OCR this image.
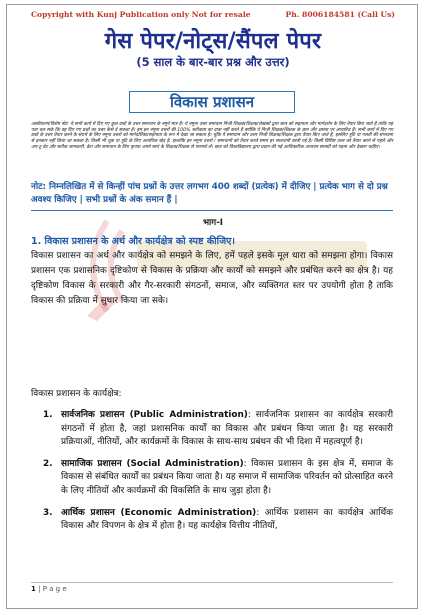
Copyright with Kunj Publication only Not for resale	Ph. 8006184581 (Call Us)
गेस पेपर/नोट्स/सैंपल पेपर
(5 साल के बार-बार प्रश्न और उत्तर)
विकास प्रशासन
अस्वीकरण/विशेष नोट: ये सभी कार्य में दिए गए कुल प्रश्नों के उत्तर समाधान के नमूने मात्र हैं। ये नमूना उत्तर समाधान निजी शिक्षक/शिक्षक/लेखकों द्वारा छात्र को सहायता और मार्गदर्शन के लिए तैयार किए जाते हैं ताकि यह पता चल सके कि वह दिए गए प्रश्नों का उत्तर कैसे दे सकता है। हम इन नमूना उत्तरों की 100% सटीकता का दावा नहीं करते हैं क्योंकि ये निजी शिक्षक/शिक्षक के ज्ञान और क्षमता पर आधारित हैं। सभी कार्य में दिए गए प्रश्नों के उत्तर तैयार करने के संदर्भ के लिए नमूना उत्तरों को मार्गदर्शिका/सहायता के रूप में देखा जा सकता है। चूंकि ये समाधान और उत्तर निजी शिक्षक/शिक्षक द्वारा तैयार किए जाते हैं, इसलिए त्रुटि या गलती की संभावना से इनकार नहीं किया जा सकता है। किसी भी चूक या त्रुटि के लिए अत्यधिक खेद है, हालांकि इन नमूना उत्तरों / समाधानों को तैयार करते समय हर सावधानी बरती गई है। किसी विशिष्ट उत्तर को तैयार करने से पहले और अप-टू-डेट और सटीक जानकारी, डेटा और समाधान के लिए कृपया अपने स्वयं के शिक्षक/शिक्षक से परामर्श लें। छात्र को विश्वविद्यालय द्वारा प्रदान की गई आधिकारिक अध्ययन सामग्री को पढ़ना और देखना चाहिए।
नोट: निम्नलिखित में से किन्हीं पांच प्रश्नों के उत्तर लगभग 400 शब्दों (प्रत्येक) में दीजिए | प्रत्येक भाग से दो प्रश्न अवश्य किजिए | सभी प्रश्नों के अंक समान हैं |
भाग-I
1. विकास प्रशासन के अर्थ और कार्यक्षेत्र को स्पष्ट कीजिए।
विकास प्रशासन का अर्थ और कार्यक्षेत्र को समझने के लिए, हमें पहले इसके मूल धारा को समझना होगा। विकास प्रशासन एक प्रशासनिक दृष्टिकोण से विकास के प्रक्रिया और कार्यों को समझने और प्रबंधित करने का क्षेत्र है। यह दृष्टिकोण विकास के सरकारी और गैर-सरकारी संगठनों, समाज, और व्यक्तिगत स्तर पर उपयोगी होता है ताकि विकास की प्रक्रिया में सुधार किया जा सके।
विकास प्रशासन के कार्यक्षेत्र:
1. सार्वजनिक प्रशासन (Public Administration): सार्वजनिक प्रशासन का कार्यक्षेत्र सरकारी संगठनों में होता है, जहां प्रशासनिक कार्यों का विकास और प्रबंधन किया जाता है। यह सरकारी प्रक्रियाओं, नीतियों, और कार्यक्रमों के विकास के साथ-साथ प्रबंधन की भी दिशा में महत्वपूर्ण है।
2. सामाजिक प्रशासन (Social Administration): विकास प्रशासन के इस क्षेत्र में, समाज के विकास से संबंधित कार्यों का प्रबंधन किया जाता है। यह समाज में सामाजिक परिवर्तन को प्रोत्साहित करने के लिए नीतियों और कार्यक्रमों की विकसिति के साथ जुड़ा होता है।
3. आर्थिक प्रशासन (Economic Administration): आर्थिक प्रशासन का कार्यक्षेत्र आर्थिक विकास और विपणन के क्षेत्र में होता है। यह कार्यक्षेत्र वित्तीय नीतियों,
1 | P a g e
